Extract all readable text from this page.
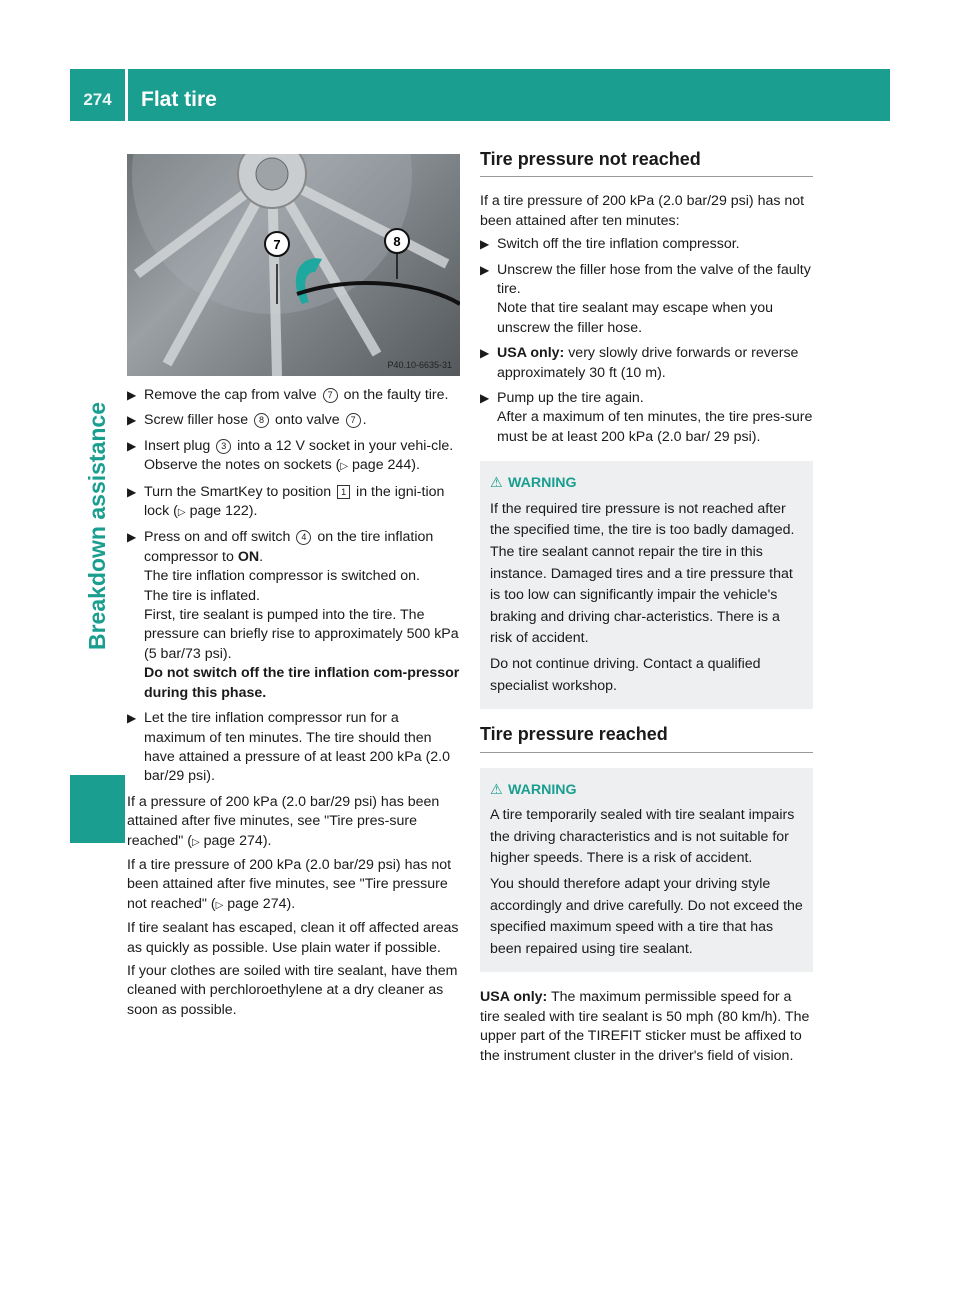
274	Flat tire
Breakdown assistance
7	8
P40.10-6635-31
▶ Remove the cap from valve 7 on the faulty tire.

▶ Screw filler hose 8 onto valve 7 .

▶ Insert plug 3 into a 12 V socket in your vehi-cle.

Observe the notes on sockets (▷ page 244).

▶ Turn the SmartKey to position 1 in the igni-tion lock (▷ page 122).

▶ Press on and off switch 4 on the tire inflation compressor to ON.

The tire inflation compressor is switched on.

The tire is inflated.

First, tire sealant is pumped into the tire. The pressure can briefly rise to approximately 500 kPa (5 bar/73 psi).

Do not switch off the tire inflation com-pressor during this phase.

▶ Let the tire inflation compressor run for a maximum of ten minutes. The tire should then have attained a pressure of at least 200 kPa (2.0 bar/29 psi).

If a pressure of 200 kPa (2.0 bar/29 psi) has been attained after five minutes, see "Tire pres-sure reached" (▷ page 274).

If a tire pressure of 200 kPa (2.0 bar/29 psi) has not been attained after five minutes, see "Tire pressure not reached" (▷ page 274).

If tire sealant has escaped, clean it off affected areas as quickly as possible. Use plain water if possible.

If your clothes are soiled with tire sealant, have them cleaned with perchloroethylene at a dry cleaner as soon as possible.

Tire pressure not reached

If a tire pressure of 200 kPa (2.0 bar/29 psi) has not been attained after ten minutes:

▶ Switch off the tire inflation compressor.

▶ Unscrew the filler hose from the valve of the faulty tire.

Note that tire sealant may escape when you unscrew the filler hose.

▶ USA only: very slowly drive forwards or reverse approximately 30 ft (10 m).

▶ Pump up the tire again.

After a maximum of ten minutes, the tire pres-sure must be at least 200 kPa (2.0 bar/ 29 psi).

⚠ WARNING

If the required tire pressure is not reached after the specified time, the tire is too badly damaged. The tire sealant cannot repair the tire in this instance. Damaged tires and a tire pressure that is too low can significantly impair the vehicle's braking and driving char-acteristics. There is a risk of accident.

Do not continue driving. Contact a qualified specialist workshop.

Tire pressure reached

⚠ WARNING

A tire temporarily sealed with tire sealant impairs the driving characteristics and is not suitable for higher speeds. There is a risk of accident.

You should therefore adapt your driving style accordingly and drive carefully. Do not exceed the specified maximum speed with a tire that has been repaired using tire sealant.

USA only: The maximum permissible speed for a tire sealed with tire sealant is 50 mph (80 km/h). The upper part of the TIREFIT sticker must be affixed to the instrument cluster in the driver's field of vision.
